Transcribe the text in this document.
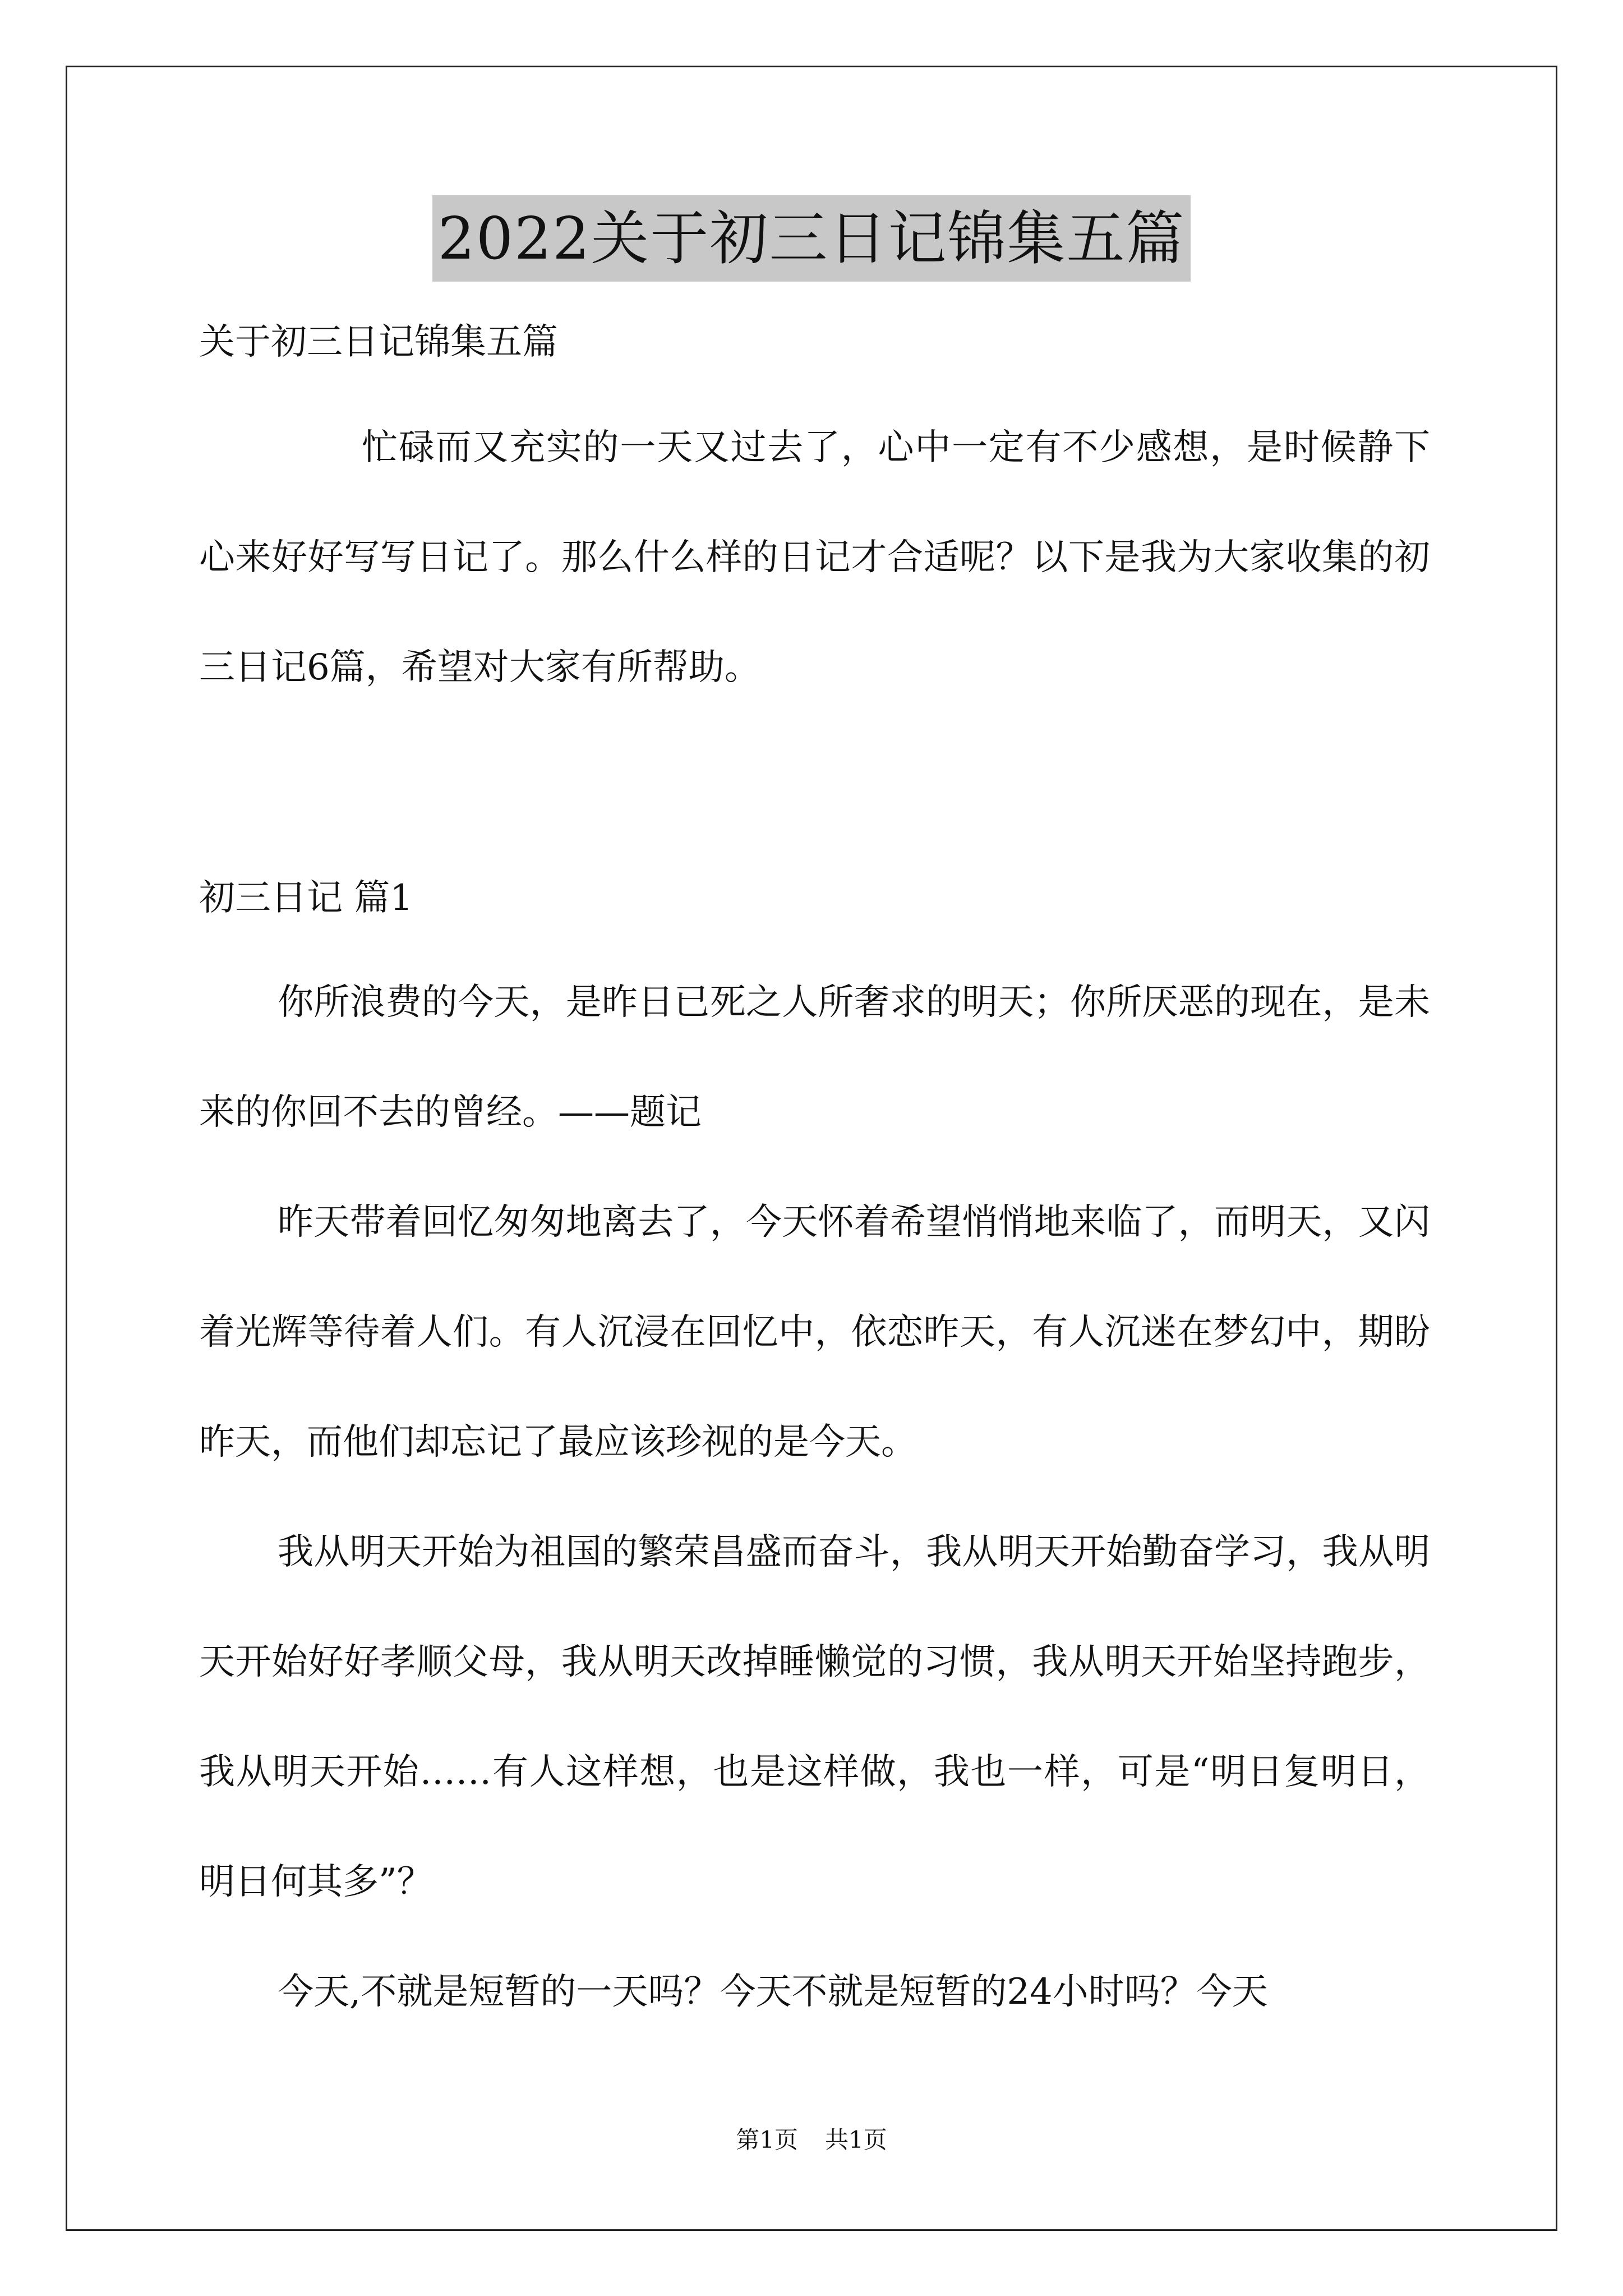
2022关于初三日记锦集五篇

关于初三日记锦集五篇

忙碌而又充实的一天又过去了，心中一定有不少感想，是时候静下心来好好写写日记了。那么什么样的日记才合适呢？以下是我为大家收集的初三日记6篇，希望对大家有所帮助。

初三日记 篇1

你所浪费的今天，是昨日已死之人所奢求的明天；你所厌恶的现在，是未来的你回不去的曾经。——题记

昨天带着回忆匆匆地离去了，今天怀着希望悄悄地来临了，而明天，又闪着光辉等待着人们。有人沉浸在回忆中，依恋昨天，有人沉迷在梦幻中，期盼昨天，而他们却忘记了最应该珍视的是今天。

我从明天开始为祖国的繁荣昌盛而奋斗，我从明天开始勤奋学习，我从明天开始好好孝顺父母，我从明天改掉睡懒觉的习惯，我从明天开始坚持跑步，我从明天开始……有人这样想，也是这样做，我也一样，可是“明日复明日，明日何其多”？

今天,不就是短暂的一天吗？今天不就是短暂的24小时吗？今天

第1页 共1页
